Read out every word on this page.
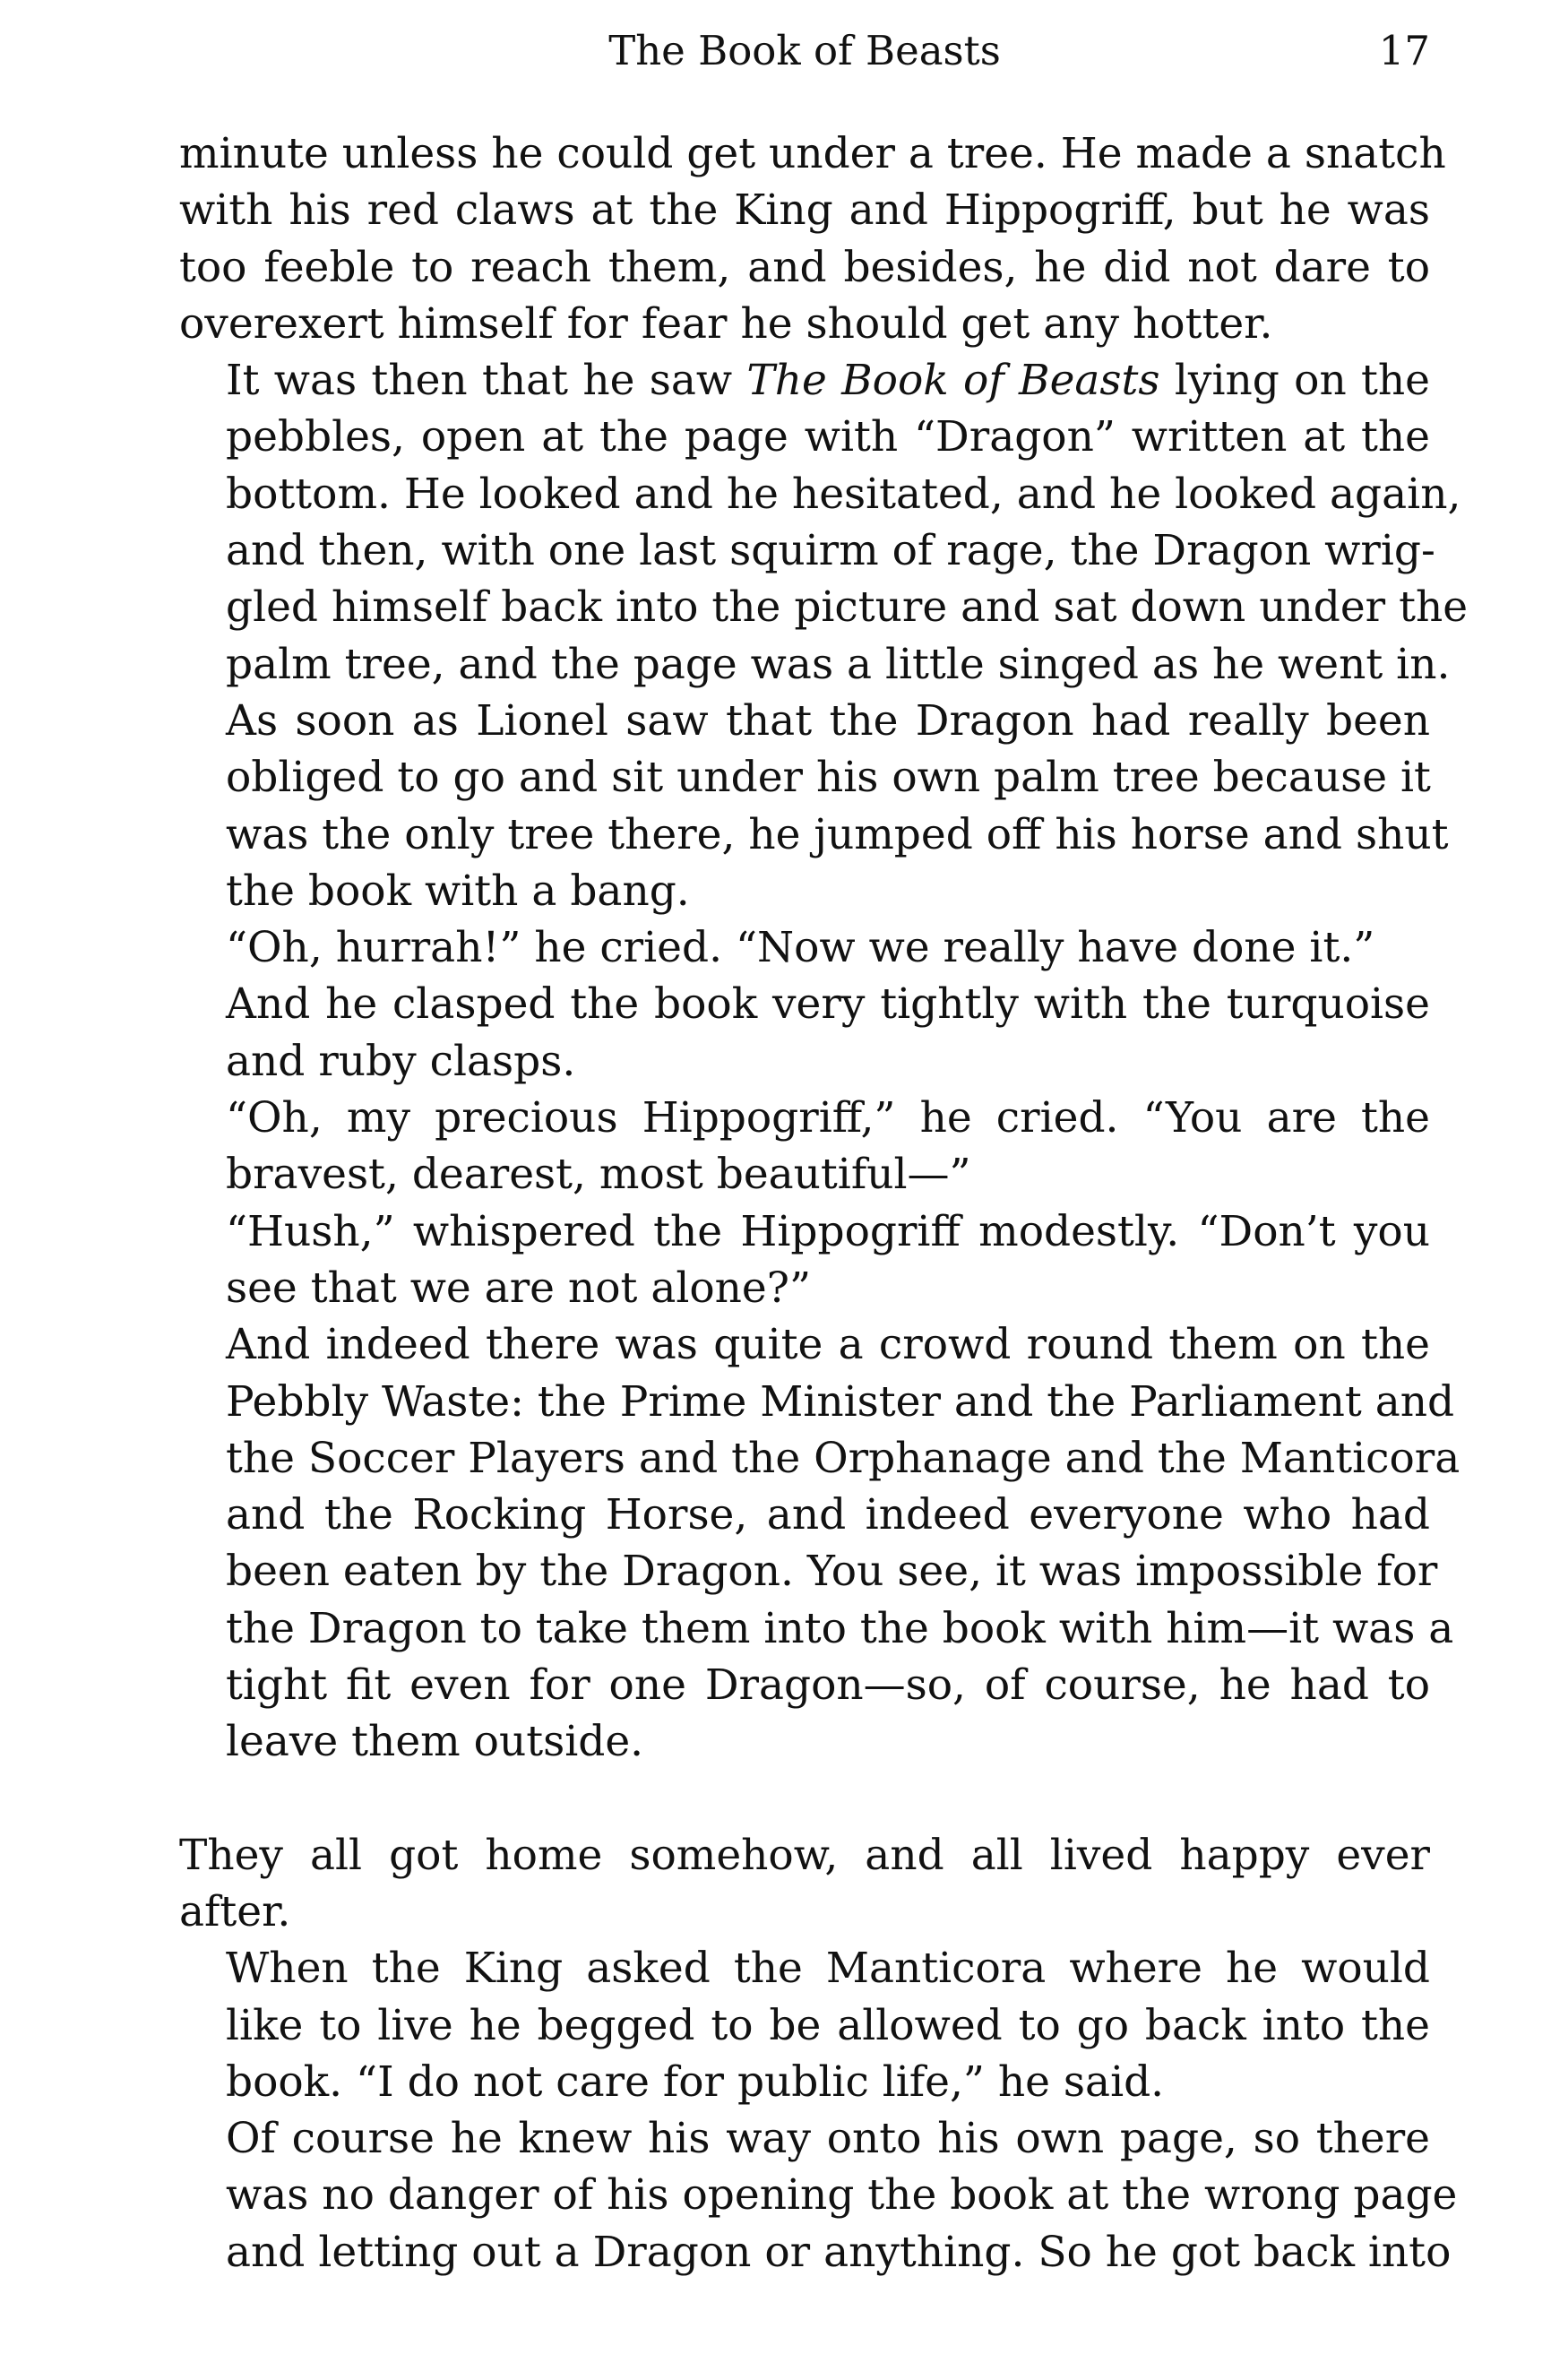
The Book of Beasts	17

minute unless he could get under a tree. He made a snatch
with his red claws at the King and Hippogriff, but he was
too feeble to reach them, and besides, he did not dare to
overexert himself for fear he should get any hotter.

It was then that he saw The Book of Beasts lying on the
pebbles, open at the page with “Dragon” written at the
bottom. He looked and he hesitated, and he looked again,
and then, with one last squirm of rage, the Dragon wrig-
gled himself back into the picture and sat down under the
palm tree, and the page was a little singed as he went in.

As soon as Lionel saw that the Dragon had really been
obliged to go and sit under his own palm tree because it
was the only tree there, he jumped off his horse and shut
the book with a bang.

“Oh, hurrah!” he cried. “Now we really have done it.”

And he clasped the book very tightly with the turquoise
and ruby clasps.

“Oh, my precious Hippogriff,” he cried. “You are the
bravest, dearest, most beautiful—”

“Hush,” whispered the Hippogriff modestly. “Don’t you
see that we are not alone?”

And indeed there was quite a crowd round them on the
Pebbly Waste: the Prime Minister and the Parliament and
the Soccer Players and the Orphanage and the Manticora
and the Rocking Horse, and indeed everyone who had
been eaten by the Dragon. You see, it was impossible for
the Dragon to take them into the book with him—it was a
tight fit even for one Dragon—so, of course, he had to
leave them outside.

They all got home somehow, and all lived happy ever
after.

When the King asked the Manticora where he would
like to live he begged to be allowed to go back into the
book. “I do not care for public life,” he said.

Of course he knew his way onto his own page, so there
was no danger of his opening the book at the wrong page
and letting out a Dragon or anything. So he got back into
